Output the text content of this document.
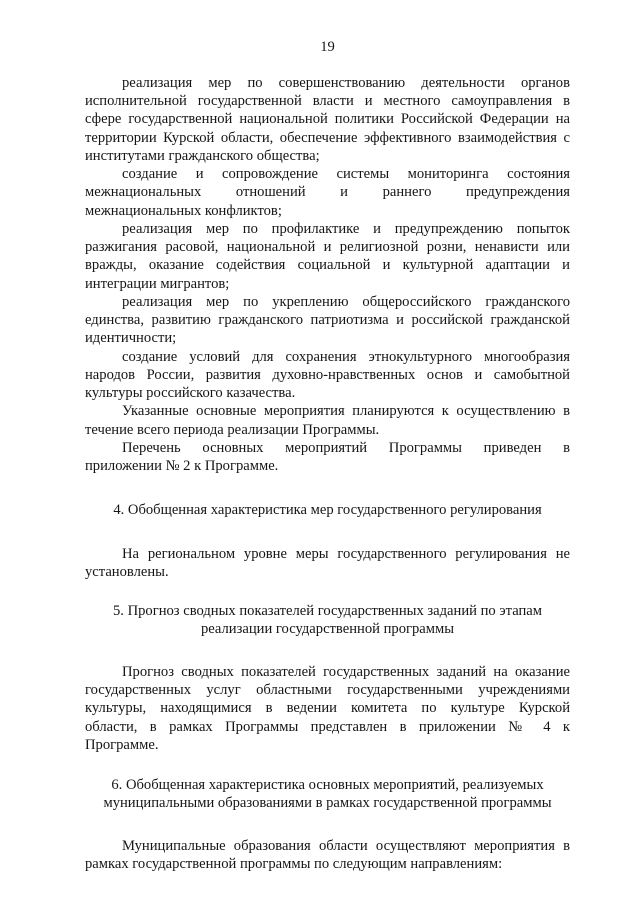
19
реализация мер по совершенствованию деятельности органов
исполнительной государственной власти и местного самоуправления в
сфере государственной национальной политики Российской Федерации на
территории Курской области, обеспечение эффективного взаимодействия с
институтами гражданского общества;
создание и сопровождение системы мониторинга состояния
межнациональных отношений и раннего предупреждения
межнациональных конфликтов;
реализация мер по профилактике и предупреждению попыток
разжигания расовой, национальной и религиозной розни, ненависти или
вражды, оказание содействия социальной и культурной адаптации и
интеграции мигрантов;
реализация мер по укреплению общероссийского гражданского
единства, развитию гражданского патриотизма и российской гражданской
идентичности;
создание условий для сохранения этнокультурного многообразия
народов России, развития духовно-нравственных основ и самобытной
культуры российского казачества.
Указанные основные мероприятия планируются к осуществлению в
течение всего периода реализации Программы.
Перечень основных мероприятий Программы приведен в
приложении № 2 к Программе.
4. Обобщенная характеристика мер государственного регулирования
На региональном уровне меры государственного регулирования не
установлены.
5. Прогноз сводных показателей государственных заданий по этапам
реализации государственной программы
Прогноз сводных показателей государственных заданий на оказание
государственных услуг областными государственными учреждениями
культуры, находящимися в ведении комитета по культуре Курской
области, в рамках Программы представлен в приложении № 4 к
Программе.
6. Обобщенная характеристика основных мероприятий, реализуемых
муниципальными образованиями в рамках государственной программы
Муниципальные образования области осуществляют мероприятия в
рамках государственной программы по следующим направлениям:
